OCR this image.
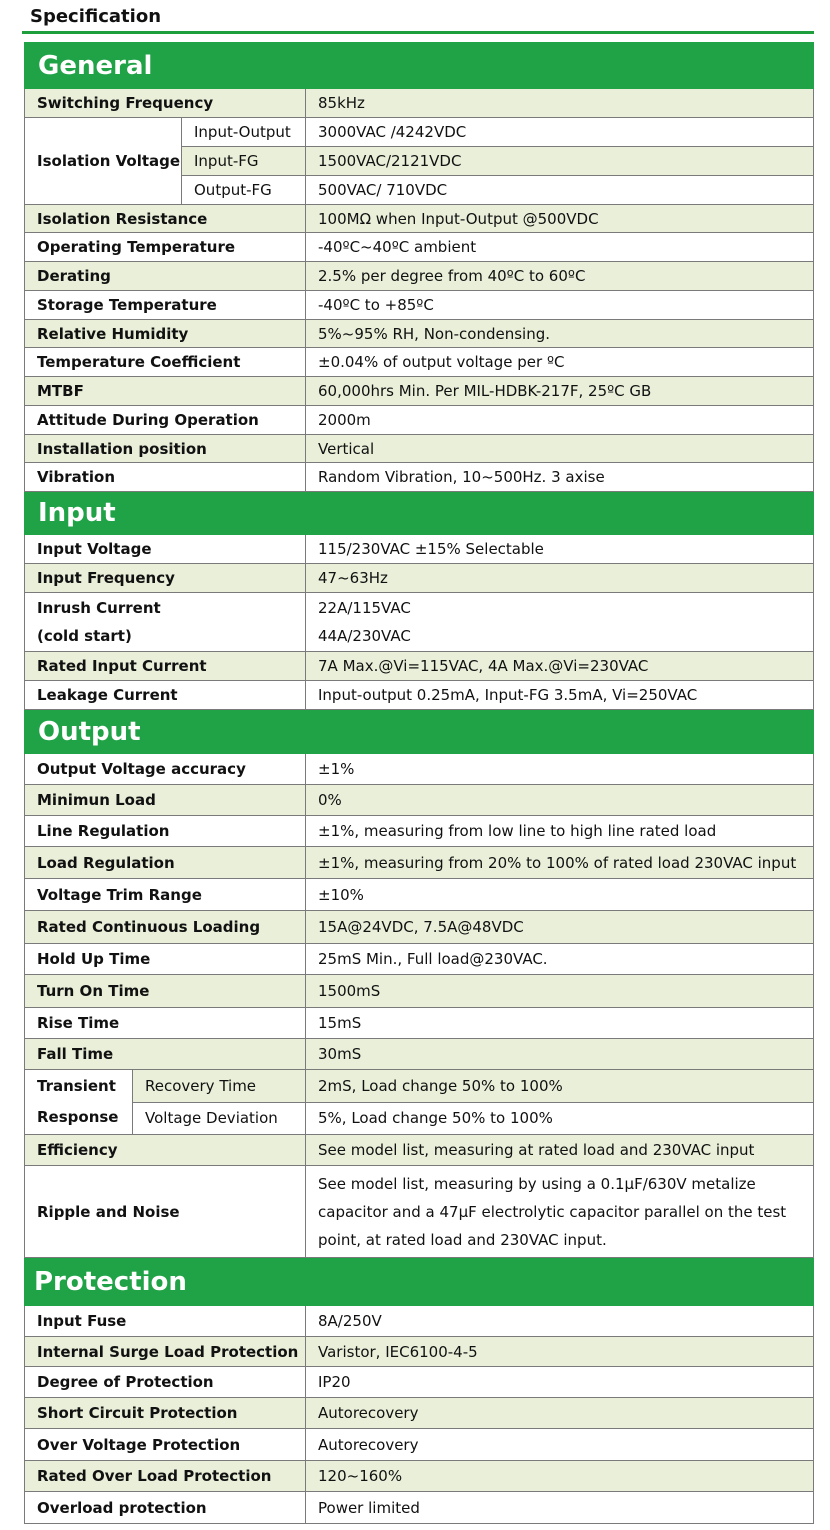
Specification
General			
Switching Frequency			85kHz
Isolation Voltage		Input-Output	3000VAC /4242VDC
		Input-FG	1500VAC/2121VDC
		Output-FG	500VAC/ 710VDC
Isolation Resistance			100MΩ when Input-Output @500VDC
Operating Temperature			-40ºC~40ºC ambient
Derating			2.5% per degree from 40ºC to 60ºC
Storage Temperature			-40ºC to +85ºC
Relative Humidity			5%~95% RH, Non-condensing.
Temperature Coefficient			±0.04% of output voltage per ºC
MTBF			60,000hrs Min. Per MIL-HDBK-217F, 25ºC GB
Attitude During Operation			2000m
Installation position			Vertical
Vibration			Random Vibration, 10~500Hz. 3 axise
Input			
Input Voltage			115/230VAC ±15% Selectable
Input Frequency			47~63Hz
Inrush Current
(cold start)			22A/115VAC
44A/230VAC
Rated Input Current			7A Max.@Vi=115VAC, 4A Max.@Vi=230VAC
Leakage Current			Input-output 0.25mA, Input-FG 3.5mA, Vi=250VAC
Output			
Output Voltage accuracy			±1%
Minimun Load			0%
Line Regulation			±1%, measuring from low line to high line rated load
Load Regulation			±1%, measuring from 20% to 100% of rated load 230VAC input
Voltage Trim Range			±10%
Rated Continuous Loading			15A@24VDC, 7.5A@48VDC
Hold Up Time			25mS Min., Full load@230VAC.
Turn On Time			1500mS
Rise Time			15mS
Fall Time			30mS
Transient
Response	Recovery Time		2mS, Load change 50% to 100%
	Voltage Deviation		5%, Load change 50% to 100%
Efficiency			See model list, measuring at rated load and 230VAC input
Ripple and Noise			See model list, measuring by using a 0.1μF/630V metalize
capacitor and a 47μF electrolytic capacitor parallel on the test
point, at rated load and 230VAC input.
Protection			
Input Fuse			8A/250V
Internal Surge Load Protection			Varistor, IEC6100-4-5
Degree of Protection			IP20
Short Circuit Protection			Autorecovery
Over Voltage Protection			Autorecovery
Rated Over Load Protection			120~160%
Overload protection			Power limited
